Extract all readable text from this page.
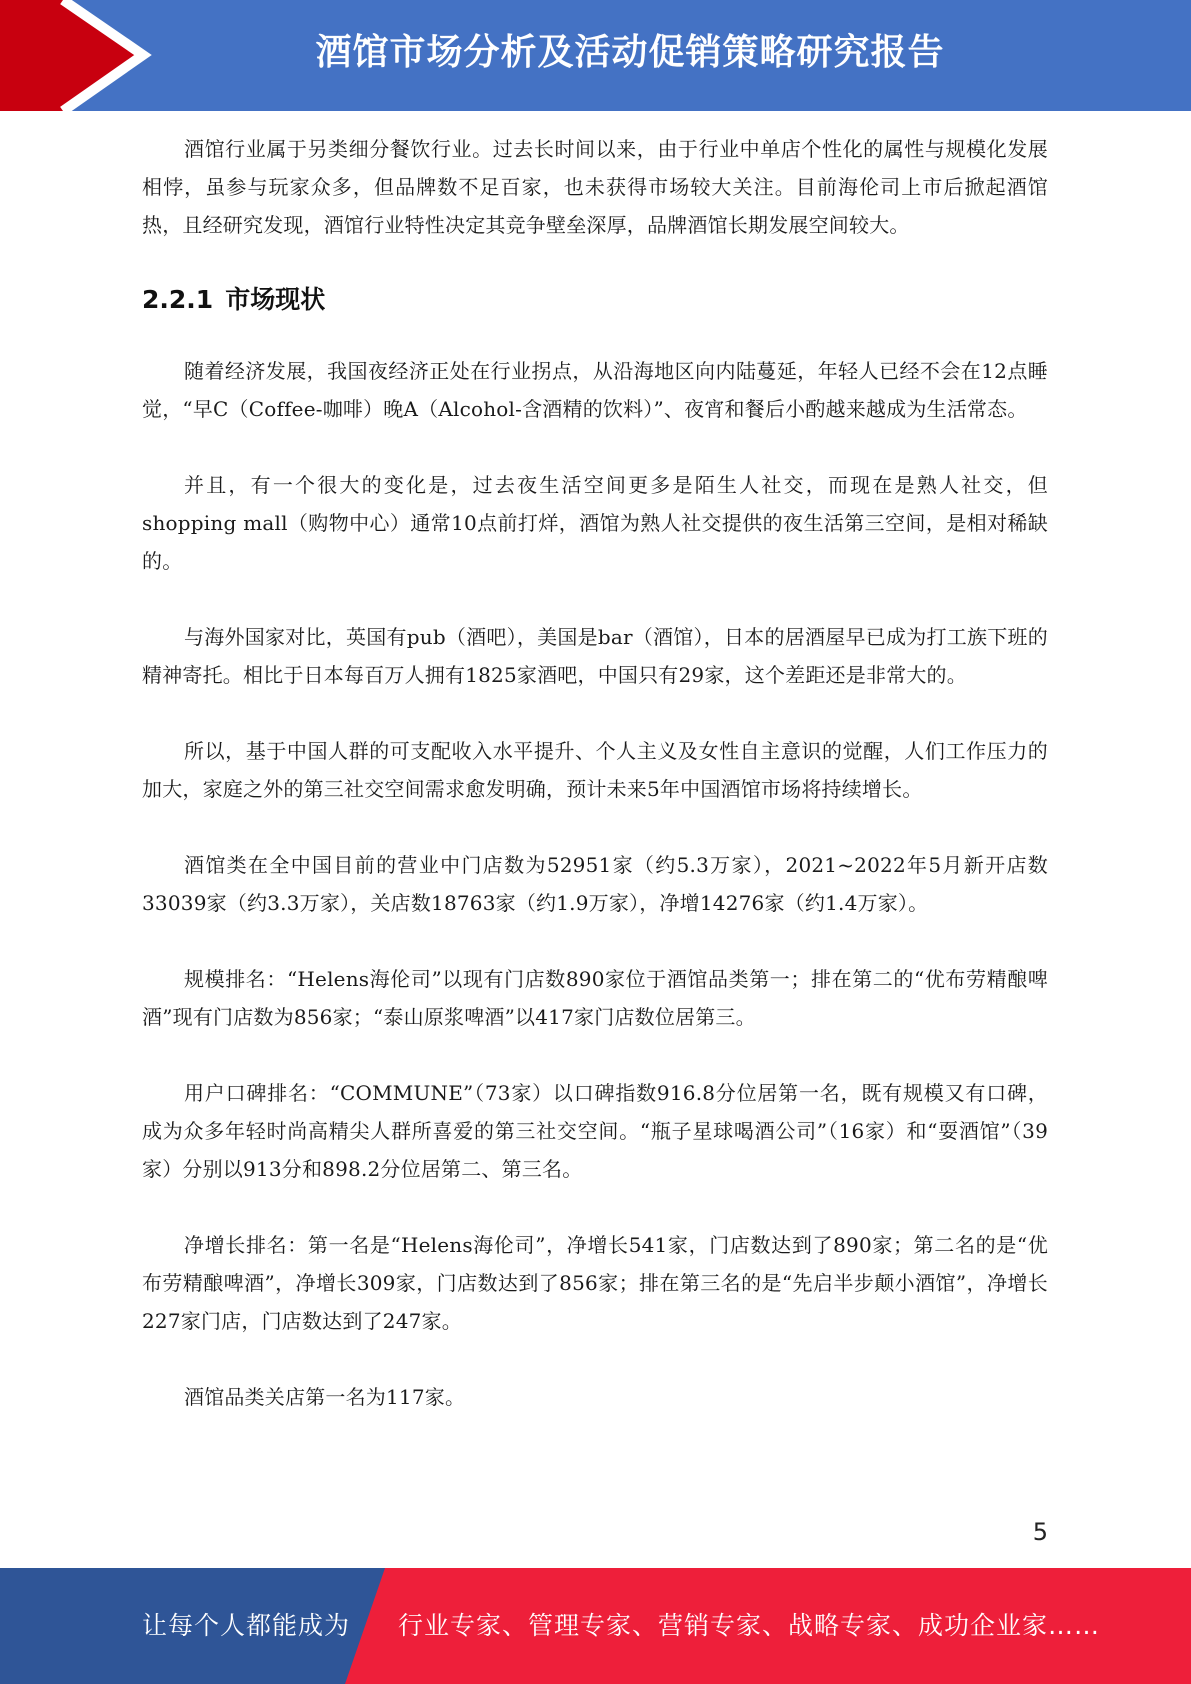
酒馆市场分析及活动促销策略研究报告

酒馆行业属于另类细分餐饮行业。过去长时间以来，由于行业中单店个性化的属性与规模化发展相悖，虽参与玩家众多，但品牌数不足百家，也未获得市场较大关注。目前海伦司上市后掀起酒馆热，且经研究发现，酒馆行业特性决定其竞争壁垒深厚，品牌酒馆长期发展空间较大。

2.2.1 市场现状

随着经济发展，我国夜经济正处在行业拐点，从沿海地区向内陆蔓延，年轻人已经不会在12点睡觉，“早C（Coffee-咖啡）晚A（Alcohol-含酒精的饮料）”、夜宵和餐后小酌越来越成为生活常态。

并且，有一个很大的变化是，过去夜生活空间更多是陌生人社交，而现在是熟人社交，但shopping mall（购物中心）通常10点前打烊，酒馆为熟人社交提供的夜生活第三空间，是相对稀缺的。

与海外国家对比，英国有pub（酒吧），美国是bar（酒馆），日本的居酒屋早已成为打工族下班的精神寄托。相比于日本每百万人拥有1825家酒吧，中国只有29家，这个差距还是非常大的。

所以，基于中国人群的可支配收入水平提升、个人主义及女性自主意识的觉醒，人们工作压力的加大，家庭之外的第三社交空间需求愈发明确，预计未来5年中国酒馆市场将持续增长。

酒馆类在全中国目前的营业中门店数为52951家（约5.3万家），2021~2022年5月新开店数33039家（约3.3万家），关店数18763家（约1.9万家），净增14276家（约1.4万家）。

规模排名：“Helens海伦司”以现有门店数890家位于酒馆品类第一；排在第二的“优布劳精酿啤酒”现有门店数为856家；“泰山原浆啤酒”以417家门店数位居第三。

用户口碑排名：“COMMUNE”（73家）以口碑指数916.8分位居第一名，既有规模又有口碑，成为众多年轻时尚高精尖人群所喜爱的第三社交空间。“瓶子星球喝酒公司”（16家）和“耍酒馆”（39家）分别以913分和898.2分位居第二、第三名。

净增长排名：第一名是“Helens海伦司”，净增长541家，门店数达到了890家；第二名的是“优布劳精酿啤酒”，净增长309家，门店数达到了856家；排在第三名的是“先启半步颠小酒馆”，净增长227家门店，门店数达到了247家。

酒馆品类关店第一名为117家。

5
让每个人都能成为 行业专家、管理专家、营销专家、战略专家、成功企业家……
